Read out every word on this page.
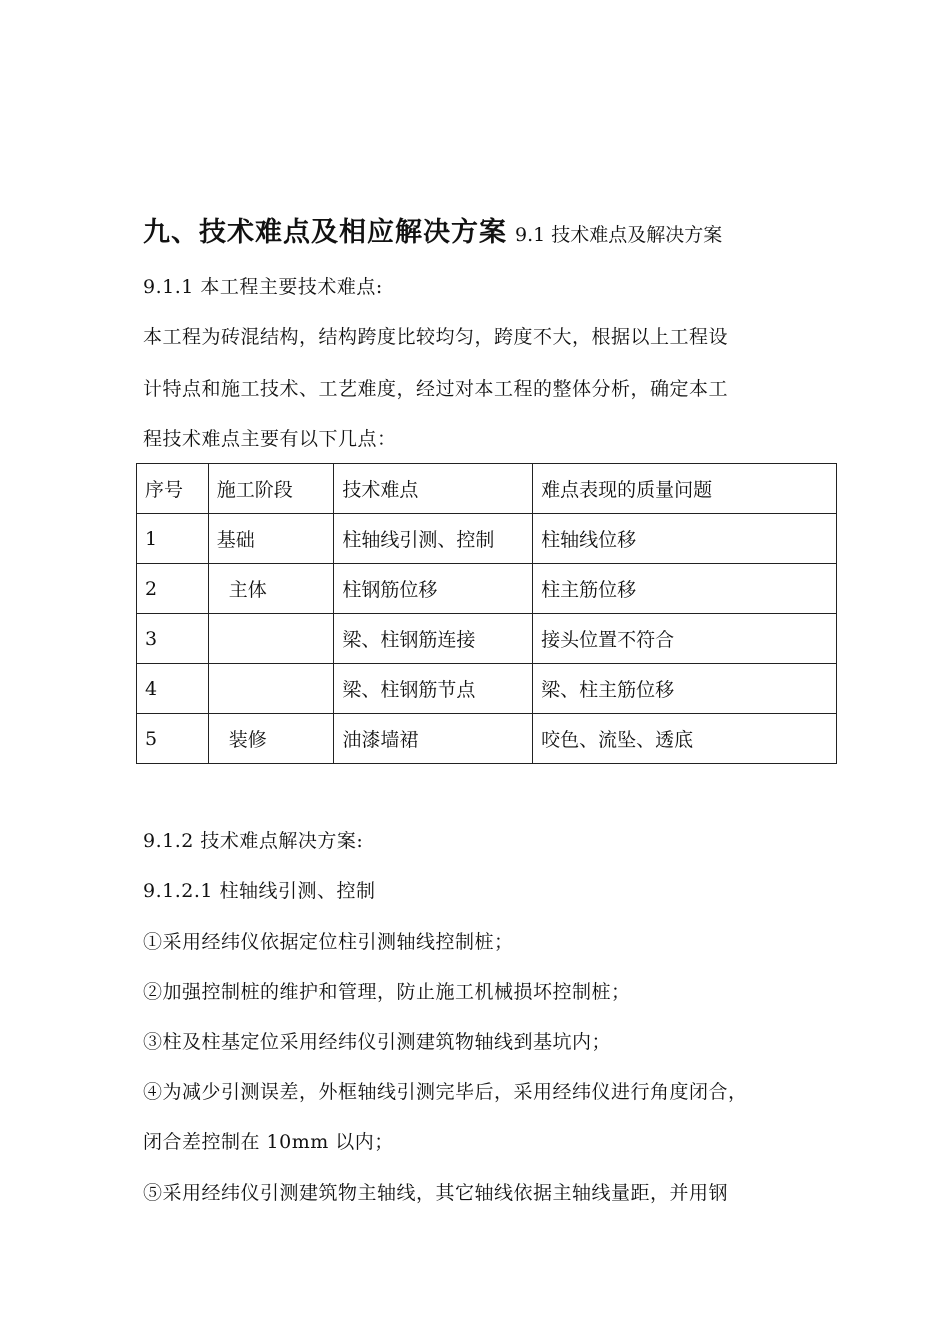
九、技术难点及相应解决方案 9.1 技术难点及解决方案
9.1.1 本工程主要技术难点:
本工程为砖混结构，结构跨度比较均匀，跨度不大，根据以上工程设
计特点和施工技术、工艺难度，经过对本工程的整体分析，确定本工
程技术难点主要有以下几点：
序号	施工阶段	技术难点	难点表现的质量问题
1	基础	柱轴线引测、控制	柱轴线位移
2	主体	柱钢筋位移	柱主筋位移
3		梁、柱钢筋连接	接头位置不符合
4		梁、柱钢筋节点	梁、柱主筋位移
5	装修	油漆墙裙	咬色、流坠、透底
9.1.2 技术难点解决方案:
9.1.2.1 柱轴线引测、控制
①采用经纬仪依据定位柱引测轴线控制桩；
②加强控制桩的维护和管理，防止施工机械损坏控制桩；
③柱及柱基定位采用经纬仪引测建筑物轴线到基坑内；
④为减少引测误差，外框轴线引测完毕后，采用经纬仪进行角度闭合，
闭合差控制在 10mm 以内；
⑤采用经纬仪引测建筑物主轴线，其它轴线依据主轴线量距，并用钢
